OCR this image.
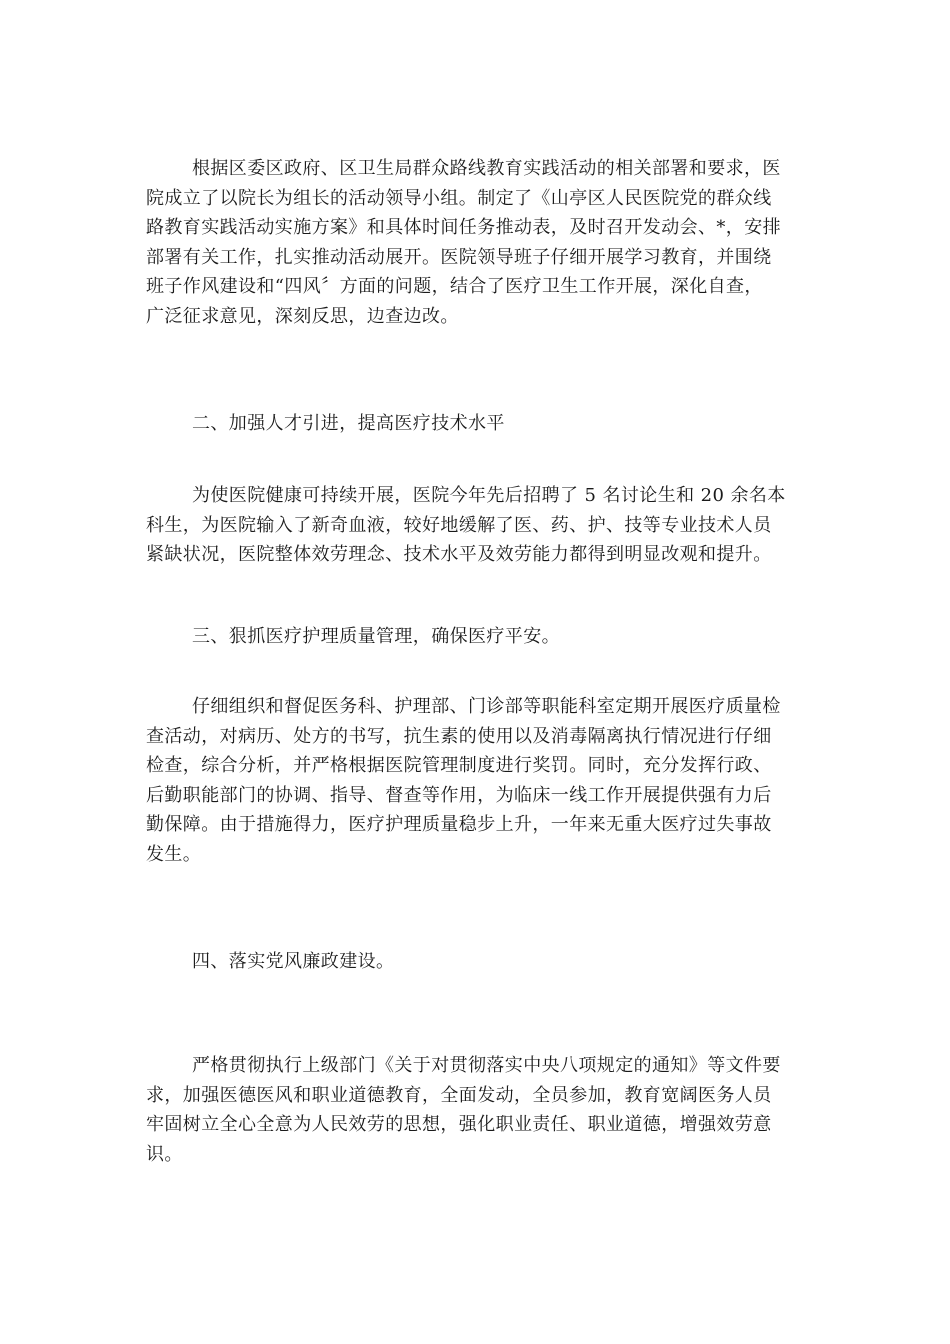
根据区委区政府、区卫生局群众路线教育实践活动的相关部署和要求，医
院成立了以院长为组长的活动领导小组。制定了《山亭区人民医院党的群众线
路教育实践活动实施方案》和具体时间任务推动表，及时召开发动会、*，安排
部署有关工作，扎实推动活动展开。医院领导班子仔细开展学习教育，并围绕
班子作风建设和“四风〞方面的问题，结合了医疗卫生工作开展，深化自查，
广泛征求意见，深刻反思，边查边改。

二、加强人才引进，提高医疗技术水平

为使医院健康可持续开展，医院今年先后招聘了 5 名讨论生和 20 余名本
科生，为医院输入了新奇血液，较好地缓解了医、药、护、技等专业技术人员
紧缺状况，医院整体效劳理念、技术水平及效劳能力都得到明显改观和提升。

三、狠抓医疗护理质量管理，确保医疗平安。

仔细组织和督促医务科、护理部、门诊部等职能科室定期开展医疗质量检
查活动，对病历、处方的书写，抗生素的使用以及消毒隔离执行情况进行仔细
检查，综合分析，并严格根据医院管理制度进行奖罚。同时，充分发挥行政、
后勤职能部门的协调、指导、督查等作用，为临床一线工作开展提供强有力后
勤保障。由于措施得力，医疗护理质量稳步上升，一年来无重大医疗过失事故
发生。

四、落实党风廉政建设。

严格贯彻执行上级部门《关于对贯彻落实中央八项规定的通知》等文件要
求，加强医德医风和职业道德教育，全面发动，全员参加，教育宽阔医务人员
牢固树立全心全意为人民效劳的思想，强化职业责任、职业道德，增强效劳意
识。
